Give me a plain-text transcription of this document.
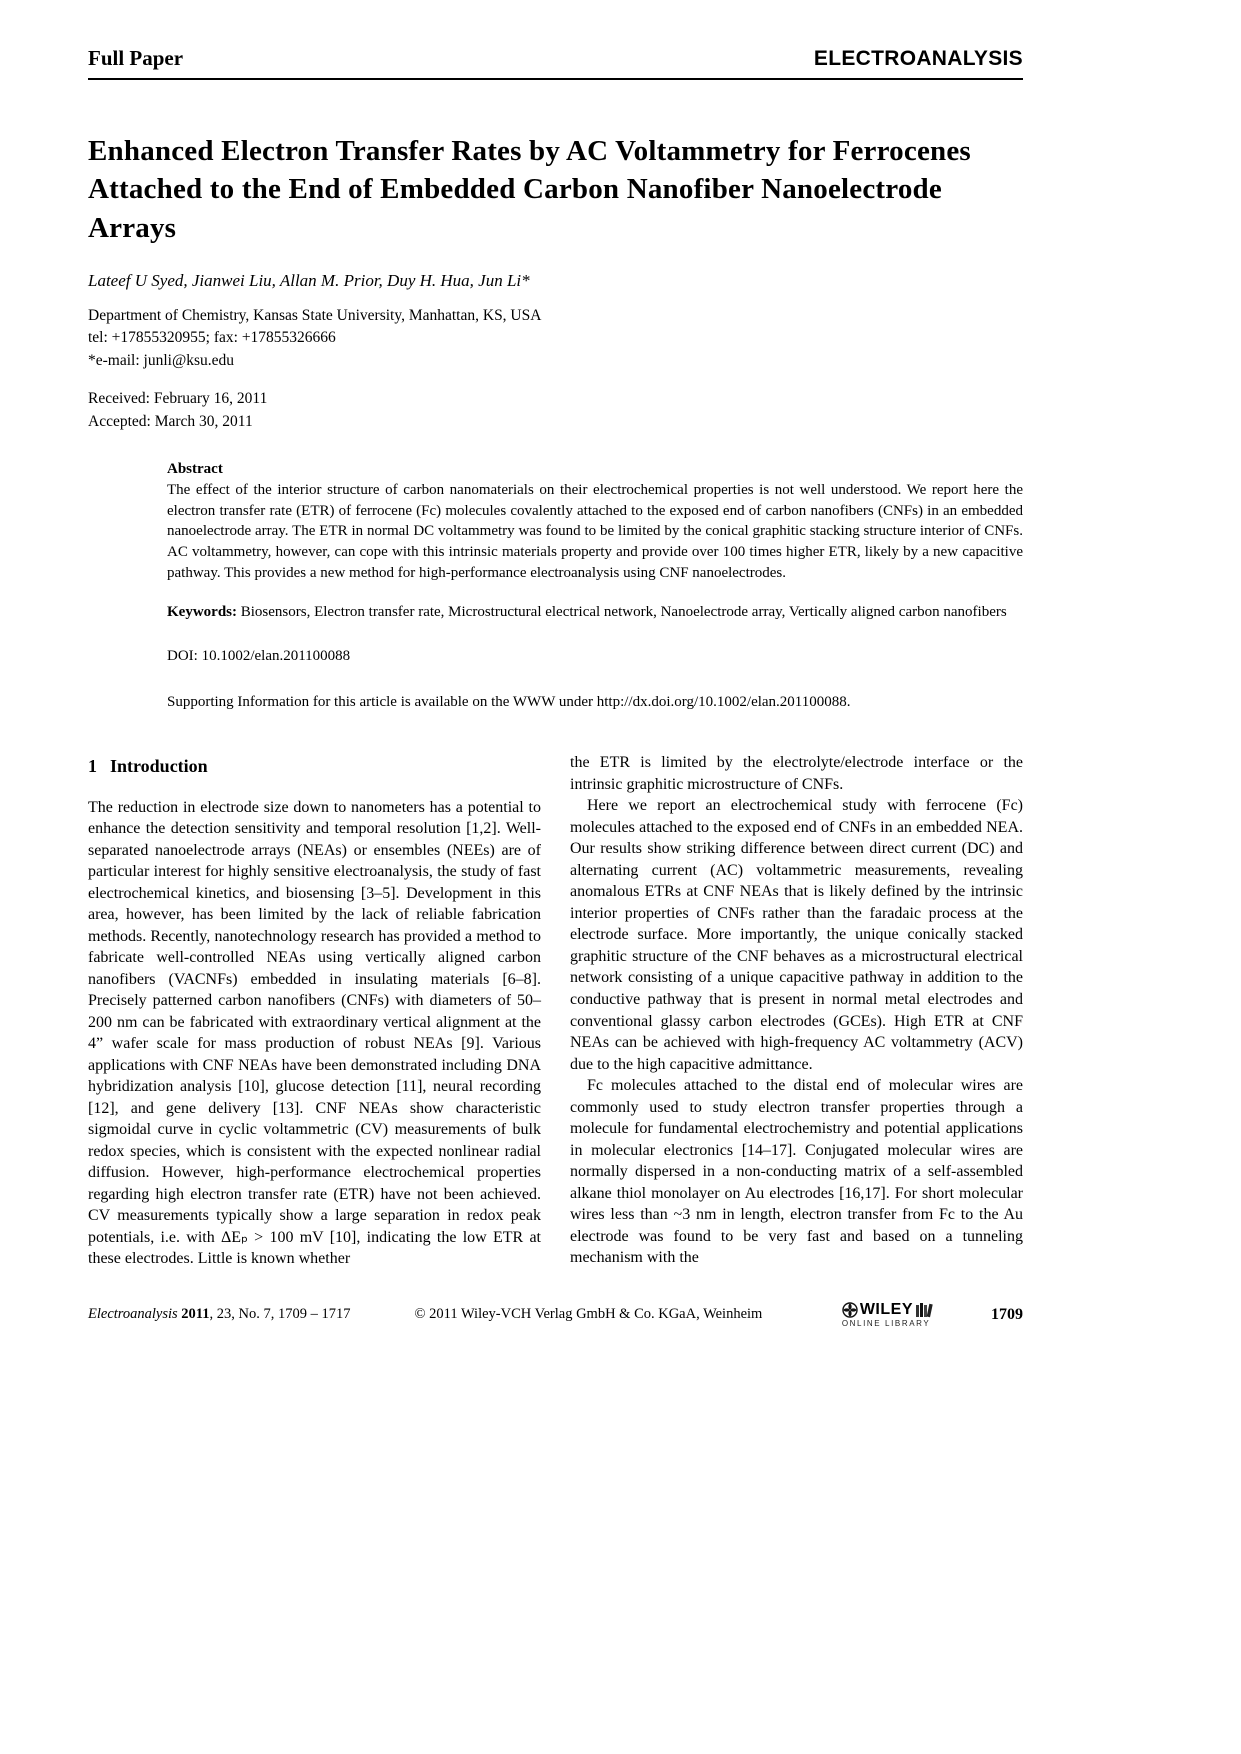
Full Paper	ELECTROANALYSIS
Enhanced Electron Transfer Rates by AC Voltammetry for Ferrocenes Attached to the End of Embedded Carbon Nanofiber Nanoelectrode Arrays
Lateef U Syed, Jianwei Liu, Allan M. Prior, Duy H. Hua, Jun Li*
Department of Chemistry, Kansas State University, Manhattan, KS, USA
tel: +17855320955; fax: +17855326666
*e-mail: junli@ksu.edu
Received: February 16, 2011
Accepted: March 30, 2011
Abstract

The effect of the interior structure of carbon nanomaterials on their electrochemical properties is not well understood. We report here the electron transfer rate (ETR) of ferrocene (Fc) molecules covalently attached to the exposed end of carbon nanofibers (CNFs) in an embedded nanoelectrode array. The ETR in normal DC voltammetry was found to be limited by the conical graphitic stacking structure interior of CNFs. AC voltammetry, however, can cope with this intrinsic materials property and provide over 100 times higher ETR, likely by a new capacitive pathway. This provides a new method for high-performance electroanalysis using CNF nanoelectrodes.

Keywords: Biosensors, Electron transfer rate, Microstructural electrical network, Nanoelectrode array, Vertically aligned carbon nanofibers

DOI: 10.1002/elan.201100088

Supporting Information for this article is available on the WWW under http://dx.doi.org/10.1002/elan.201100088.

1 Introduction

The reduction in electrode size down to nanometers has a potential to enhance the detection sensitivity and temporal resolution [1,2]. Well-separated nanoelectrode arrays (NEAs) or ensembles (NEEs) are of particular interest for highly sensitive electroanalysis, the study of fast electrochemical kinetics, and biosensing [3–5]. Development in this area, however, has been limited by the lack of reliable fabrication methods. Recently, nanotechnology research has provided a method to fabricate well-controlled NEAs using vertically aligned carbon nanofibers (VACNFs) embedded in insulating materials [6–8]. Precisely patterned carbon nanofibers (CNFs) with diameters of 50–200 nm can be fabricated with extraordinary vertical alignment at the 4” wafer scale for mass production of robust NEAs [9]. Various applications with CNF NEAs have been demonstrated including DNA hybridization analysis [10], glucose detection [11], neural recording [12], and gene delivery [13]. CNF NEAs show characteristic sigmoidal curve in cyclic voltammetric (CV) measurements of bulk redox species, which is consistent with the expected nonlinear radial diffusion. However, high-performance electrochemical properties regarding high electron transfer rate (ETR) have not been achieved. CV measurements typically show a large separation in redox peak potentials, i.e. with ΔEₚ > 100 mV [10], indicating the low ETR at these electrodes. Little is known whether

the ETR is limited by the electrolyte/electrode interface or the intrinsic graphitic microstructure of CNFs.

Here we report an electrochemical study with ferrocene (Fc) molecules attached to the exposed end of CNFs in an embedded NEA. Our results show striking difference between direct current (DC) and alternating current (AC) voltammetric measurements, revealing anomalous ETRs at CNF NEAs that is likely defined by the intrinsic interior properties of CNFs rather than the faradaic process at the electrode surface. More importantly, the unique conically stacked graphitic structure of the CNF behaves as a microstructural electrical network consisting of a unique capacitive pathway in addition to the conductive pathway that is present in normal metal electrodes and conventional glassy carbon electrodes (GCEs). High ETR at CNF NEAs can be achieved with high-frequency AC voltammetry (ACV) due to the high capacitive admittance.

Fc molecules attached to the distal end of molecular wires are commonly used to study electron transfer properties through a molecule for fundamental electrochemistry and potential applications in molecular electronics [14–17]. Conjugated molecular wires are normally dispersed in a non-conducting matrix of a self-assembled alkane thiol monolayer on Au electrodes [16,17]. For short molecular wires less than ~3 nm in length, electron transfer from Fc to the Au electrode was found to be very fast and based on a tunneling mechanism with the

Electroanalysis 2011, 23, No. 7, 1709 – 1717	© 2011 Wiley-VCH Verlag GmbH & Co. KGaA, Weinheim	WILEY
ONLINE LIBRARY
1709
